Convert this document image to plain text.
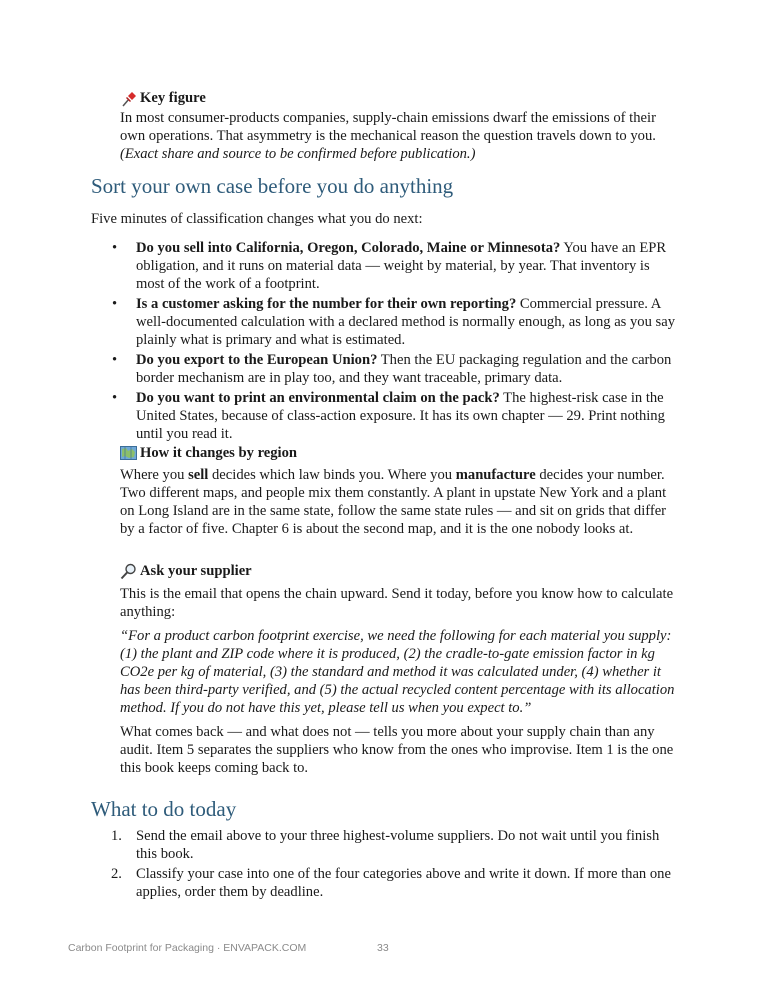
Key figure

In most consumer-products companies, supply-chain emissions dwarf the emissions of their own operations. That asymmetry is the mechanical reason the question travels down to you. (Exact share and source to be confirmed before publication.)

Sort your own case before you do anything

Five minutes of classification changes what you do next:

• Do you sell into California, Oregon, Colorado, Maine or Minnesota? You have an EPR obligation, and it runs on material data — weight by material, by year. That inventory is most of the work of a footprint.
• Is a customer asking for the number for their own reporting? Commercial pressure. A well-documented calculation with a declared method is normally enough, as long as you say plainly what is primary and what is estimated.
• Do you export to the European Union? Then the EU packaging regulation and the carbon border mechanism are in play too, and they want traceable, primary data.
• Do you want to print an environmental claim on the pack? The highest-risk case in the United States, because of class-action exposure. It has its own chapter — 29. Print nothing until you read it.
How it changes by region

Where you sell decides which law binds you. Where you manufacture decides your number. Two different maps, and people mix them constantly. A plant in upstate New York and a plant on Long Island are in the same state, follow the same state rules — and sit on grids that differ by a factor of five. Chapter 6 is about the second map, and it is the one nobody looks at.

Ask your supplier

This is the email that opens the chain upward. Send it today, before you know how to calculate anything:

“For a product carbon footprint exercise, we need the following for each material you supply: (1) the plant and ZIP code where it is produced, (2) the cradle-to-gate emission factor in kg CO2e per kg of material, (3) the standard and method it was calculated under, (4) whether it has been third-party verified, and (5) the actual recycled content percentage with its allocation method. If you do not have this yet, please tell us when you expect to.”

What comes back — and what does not — tells you more about your supply chain than any audit. Item 5 separates the suppliers who know from the ones who improvise. Item 1 is the one this book keeps coming back to.

What to do today
1. Send the email above to your three highest-volume suppliers. Do not wait until you finish this book.
2. Classify your case into one of the four categories above and write it down. If more than one applies, order them by deadline.
Carbon Footprint for Packaging · ENVAPACK.COM	33
